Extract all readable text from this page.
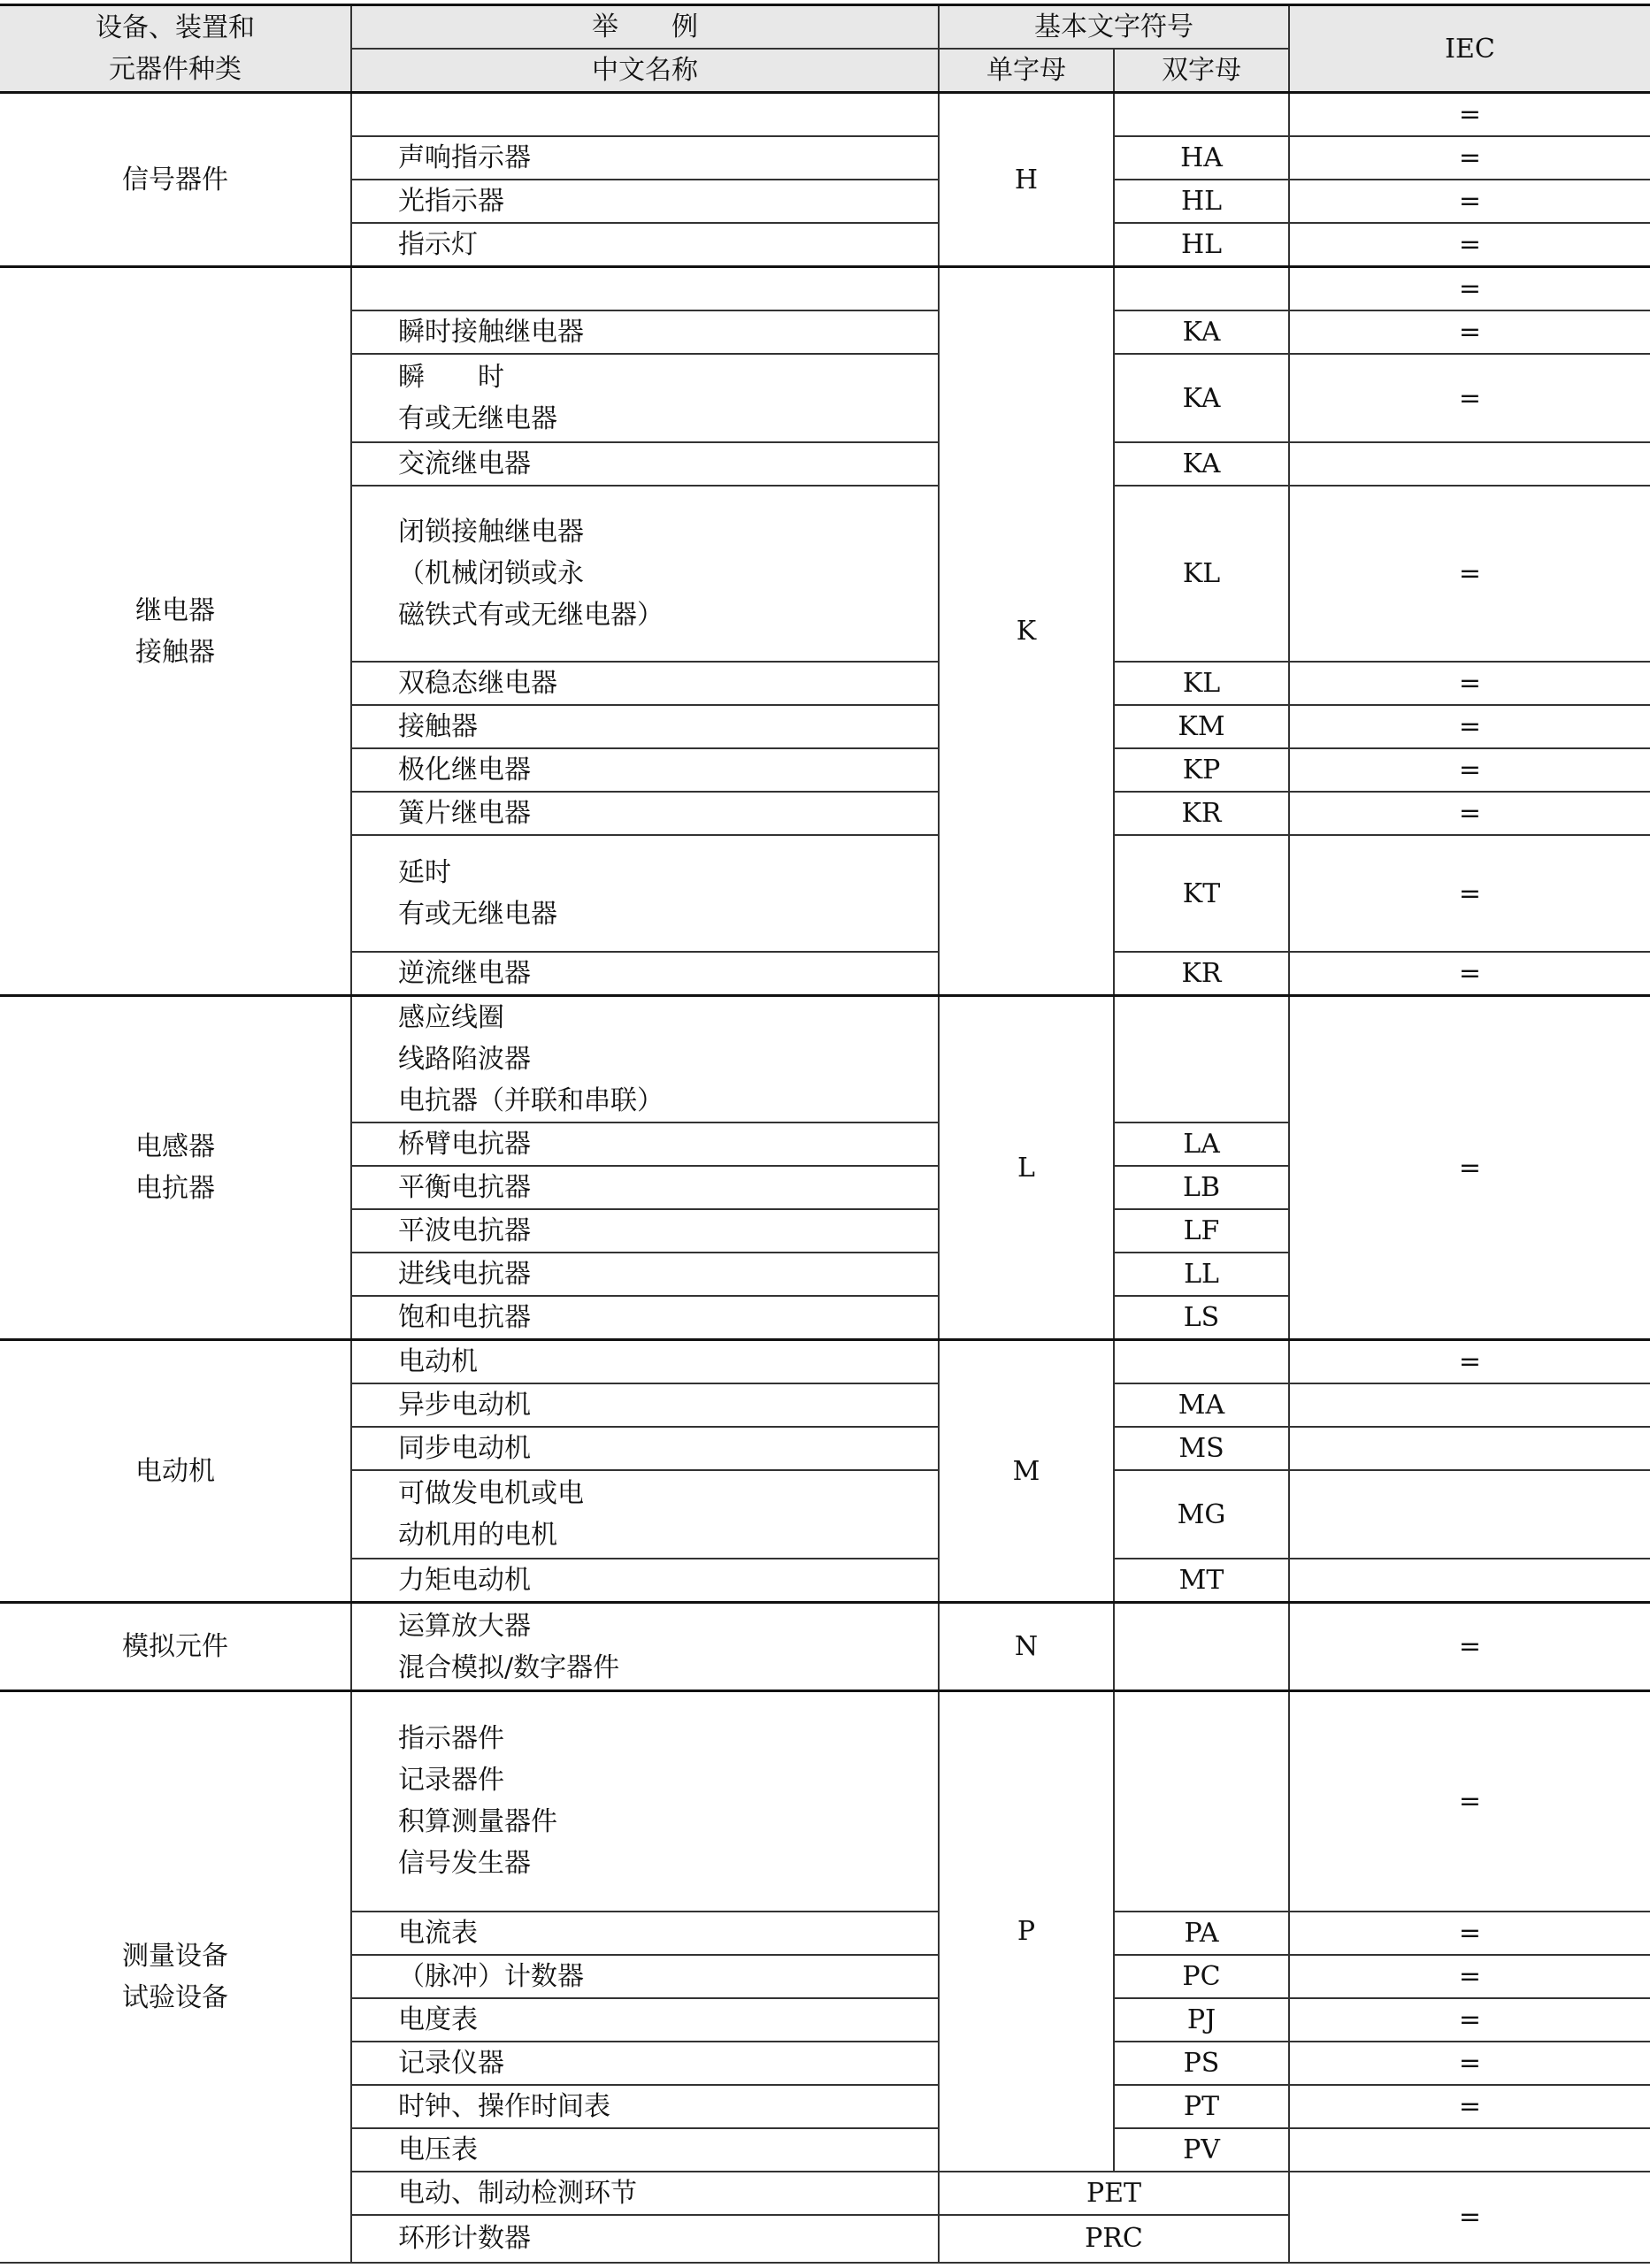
设备、装置和
元器件种类	举　　例	基本文字符号		IEC
	中文名称	单字母	双字母	
信号器件		H		=
	声响指示器		HA	=
	光指示器		HL	=
	指示灯		HL	=
继电器
接触器		K		=
	瞬时接触继电器		KA	=
	瞬　　时
有或无继电器		KA	=
	交流继电器		KA	
	闭锁接触继电器
（机械闭锁或永
磁铁式有或无继电器）		KL	=
	双稳态继电器		KL	=
	接触器		KM	=
	极化继电器		KP	=
	簧片继电器		KR	=
	延时
有或无继电器		KT	=
	逆流继电器		KR	=
电感器
电抗器	感应线圈
线路陷波器
电抗器（并联和串联）	L		=
	桥臂电抗器		LA	
	平衡电抗器		LB	
	平波电抗器		LF	
	进线电抗器		LL	
	饱和电抗器		LS	
电动机	电动机	M		=
	异步电动机		MA	
	同步电动机		MS	
	可做发电机或电
动机用的电机		MG	
	力矩电动机		MT	
模拟元件	运算放大器
混合模拟/数字器件	N		=
测量设备
试验设备	指示器件
记录器件
积算测量器件
信号发生器	P		=
	电流表		PA	=
	（脉冲）计数器		PC	=
	电度表		PJ	=
	记录仪器		PS	=
	时钟、操作时间表		PT	=
	电压表		PV	
	电动、制动检测环节	PET		=
	环形计数器	PRC		
